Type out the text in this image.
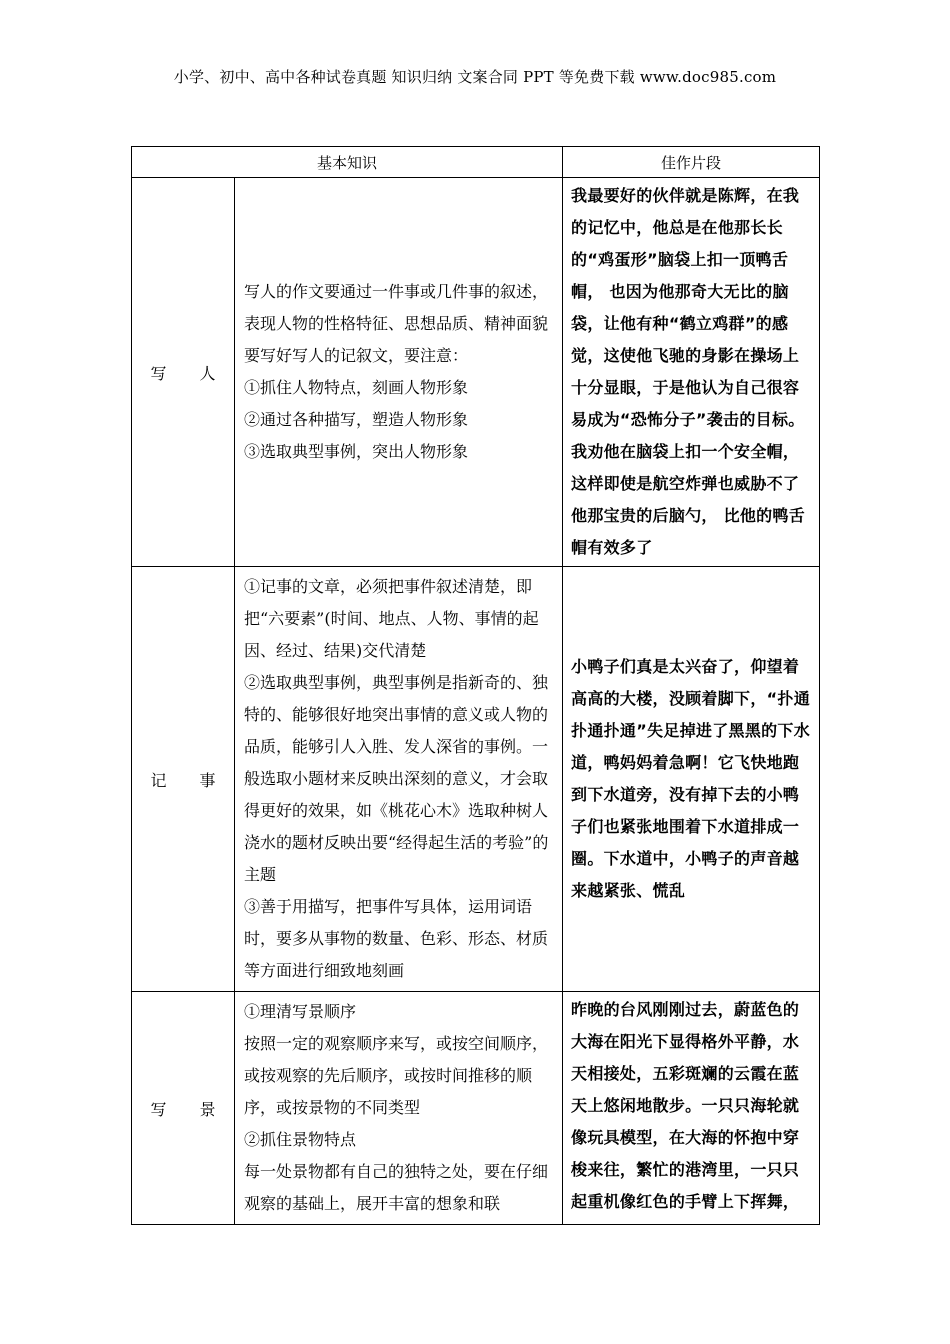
小学、初中、高中各种试卷真题 知识归纳 文案合同 PPT 等免费下载 www.doc985.com
基本知识		佳作片段
写 人	写人的作文要通过一件事或几件事的叙述，表现人物的性格特征、思想品质、精神面貌

要写好写人的记叙文，要注意：

①抓住人物特点，刻画人物形象

②通过各种描写，塑造人物形象

③选取典型事例，突出人物形象	我最要好的伙伴就是陈辉，在我的记忆中，他总是在他那长长的“鸡蛋形”脑袋上扣一顶鸭舌帽， 也因为他那奇大无比的脑袋，让他有种“鹤立鸡群”的感觉，这使他飞驰的身影在操场上十分显眼，于是他认为自己很容易成为“恐怖分子”袭击的目标。我劝他在脑袋上扣一个安全帽，这样即使是航空炸弹也威胁不了他那宝贵的后脑勺， 比他的鸭舌帽有效多了

记 事	①记事的文章，必须把事件叙述清楚，即把“六要素”(时间、地点、人物、事情的起因、经过、结果)交代清楚

②选取典型事例，典型事例是指新奇的、独特的、能够很好地突出事情的意义或人物的品质，能够引人入胜、发人深省的事例。一般选取小题材来反映出深刻的意义，才会取得更好的效果，如《桃花心木》选取种树人浇水的题材反映出要“经得起生活的考验”的主题

③善于用描写，把事件写具体，运用词语时，要多从事物的数量、色彩、形态、材质等方面进行细致地刻画	小鸭子们真是太兴奋了，仰望着高高的大楼，没顾着脚下，“扑通扑通扑通”失足掉进了黑黑的下水道，鸭妈妈着急啊！它飞快地跑到下水道旁，没有掉下去的小鸭子们也紧张地围着下水道排成一圈。下水道中，小鸭子的声音越来越紧张、慌乱

写 景	①理清写景顺序

按照一定的观察顺序来写，或按空间顺序，或按观察的先后顺序，或按时间推移的顺序，或按景物的不同类型

②抓住景物特点

每一处景物都有自己的独特之处，要在仔细观察的基础上，展开丰富的想象和联	昨晚的台风刚刚过去，蔚蓝色的大海在阳光下显得格外平静，水天相接处，五彩斑斓的云霞在蓝天上悠闲地散步。一只只海轮就像玩具模型，在大海的怀抱中穿梭来往，繁忙的港湾里，一只只起重机像红色的手臂上下挥舞，
